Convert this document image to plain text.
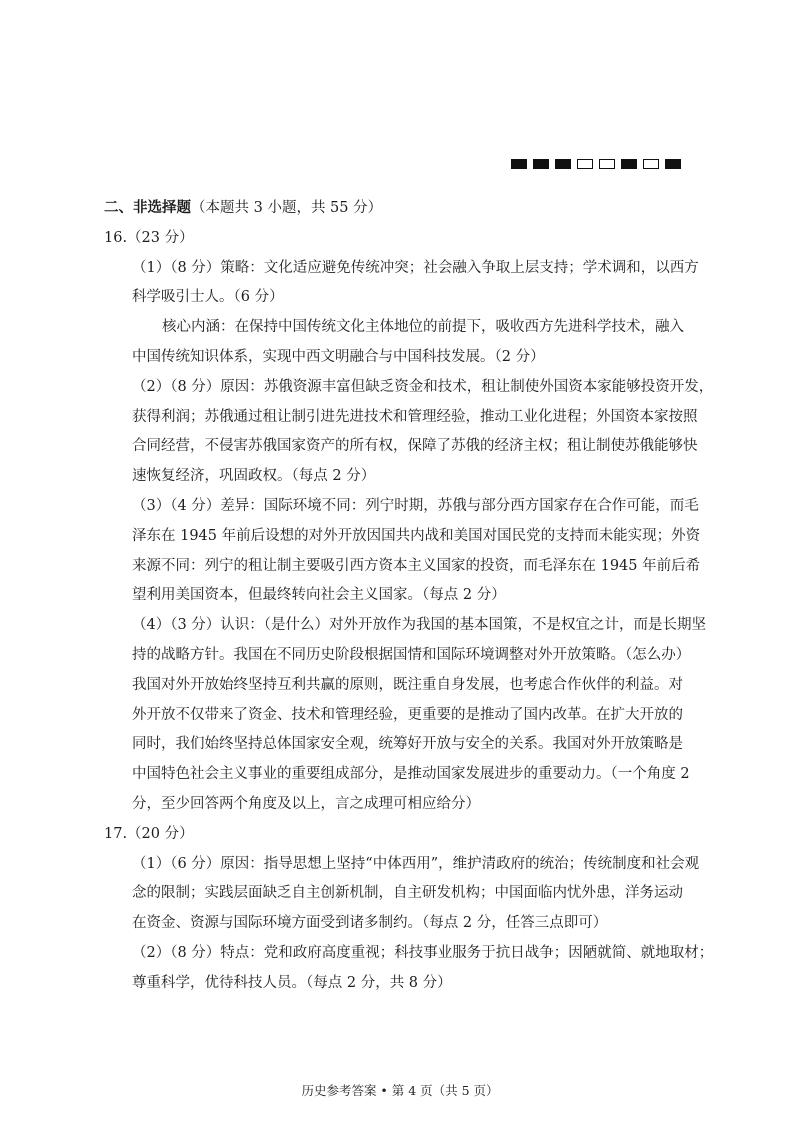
二、非选择题（本题共 3 小题，共 55 分）
16.（23 分）
（1）（8 分）策略：文化适应避免传统冲突；社会融入争取上层支持；学术调和，以西方
科学吸引士人。（6 分）
核心内涵：在保持中国传统文化主体地位的前提下，吸收西方先进科学技术，融入
中国传统知识体系，实现中西文明融合与中国科技发展。（2 分）
（2）（8 分）原因：苏俄资源丰富但缺乏资金和技术，租让制使外国资本家能够投资开发，
获得利润；苏俄通过租让制引进先进技术和管理经验，推动工业化进程；外国资本家按照
合同经营，不侵害苏俄国家资产的所有权，保障了苏俄的经济主权；租让制使苏俄能够快
速恢复经济，巩固政权。（每点 2 分）
（3）（4 分）差异：国际环境不同：列宁时期，苏俄与部分西方国家存在合作可能，而毛
泽东在 1945 年前后设想的对外开放因国共内战和美国对国民党的支持而未能实现；外资
来源不同：列宁的租让制主要吸引西方资本主义国家的投资，而毛泽东在 1945 年前后希
望利用美国资本，但最终转向社会主义国家。（每点 2 分）
（4）（3 分）认识：（是什么）对外开放作为我国的基本国策，不是权宜之计，而是长期坚
持的战略方针。我国在不同历史阶段根据国情和国际环境调整对外开放策略。（怎么办）
我国对外开放始终坚持互利共赢的原则，既注重自身发展，也考虑合作伙伴的利益。对
外开放不仅带来了资金、技术和管理经验，更重要的是推动了国内改革。在扩大开放的
同时，我们始终坚持总体国家安全观，统筹好开放与安全的关系。我国对外开放策略是
中国特色社会主义事业的重要组成部分，是推动国家发展进步的重要动力。（一个角度 2
分，至少回答两个角度及以上，言之成理可相应给分）
17.（20 分）
（1）（6 分）原因：指导思想上坚持“中体西用”，维护清政府的统治；传统制度和社会观
念的限制；实践层面缺乏自主创新机制，自主研发机构；中国面临内忧外患，洋务运动
在资金、资源与国际环境方面受到诸多制约。（每点 2 分，任答三点即可）
（2）（8 分）特点：党和政府高度重视；科技事业服务于抗日战争；因陋就简、就地取材；
尊重科学，优待科技人员。（每点 2 分，共 8 分）
历史参考答案 • 第 4 页（共 5 页）
